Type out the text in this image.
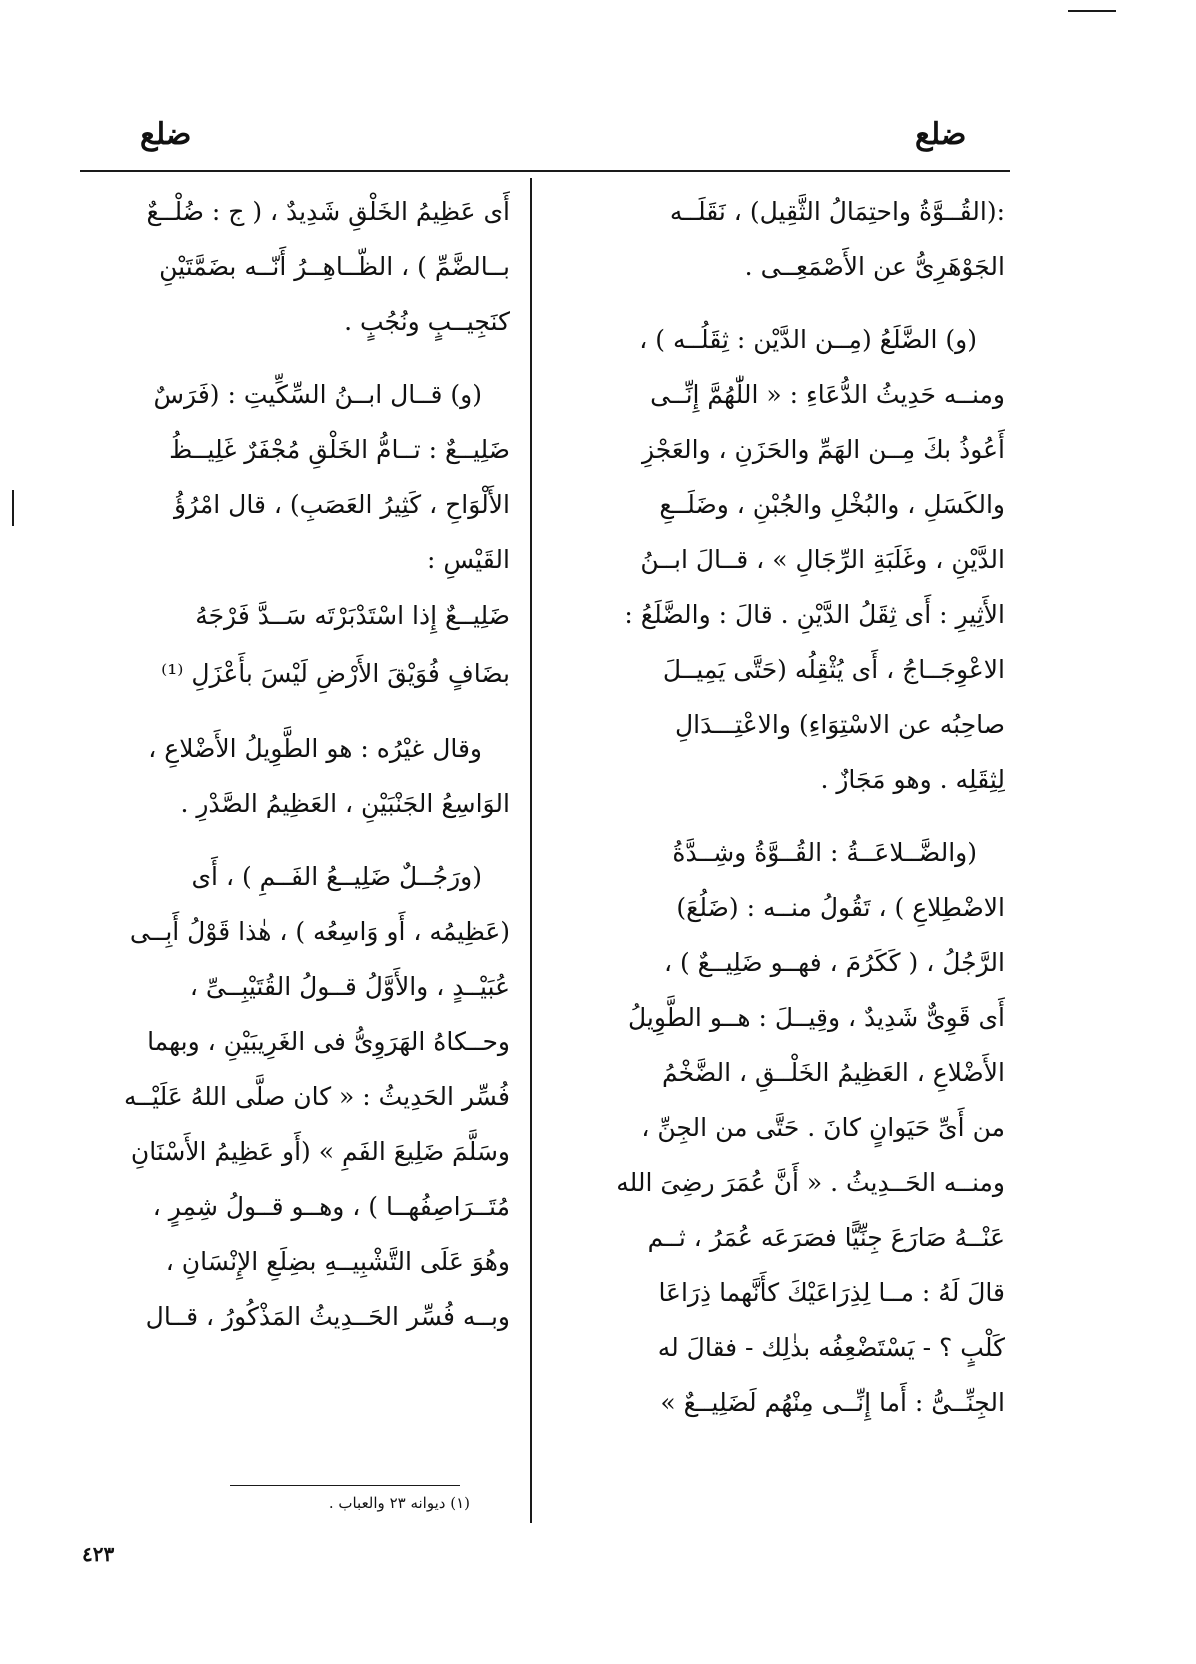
ضلع	ضلع
:(القُــوَّةُ واحتِمَالُ الثَّقِيل) ، نَقَلَــه
الجَوْهَرِىُّ عن الأَصْمَعِــى .
(و) الضَّلَعُ (مِــن الدَّيْن : ثِقَلُــه ) ،
ومنــه حَدِيثُ الدُّعَاءِ : « اللّٰهُمَّ إِنِّــى
أَعُوذُ بكَ مِــن الهَمِّ والحَزَنِ ، والعَجْزِ
والكَسَلِ ، والبُخْلِ والجُبْنِ ، وضَلَــعِ
الدَّيْنِ ، وغَلَبَةِ الرِّجَالِ » ، قــالَ ابــنُ
الأَثِيرِ : أَى ثِقَلُ الدَّيْنِ . قالَ : والضَّلَعُ :
الاعْوِجَــاجُ ، أَى يُثْقِلُه (حَتَّى يَمِيــلَ
صاحِبُه عن الاسْتِوَاءِ) والاعْتِـــدَالِ
لِثِقَلِه . وهو مَجَازٌ .
(والضَّــلاعَــةُ : القُــوَّةُ وشِــدَّةُ
الاضْطِلاعِ ) ، تَقُولُ منــه : (ضَلُعَ)
الرَّجُلُ ، ( كَكَرُمَ ، فهــو ضَلِيــعٌ ) ،
أَى قَوِىٌّ شَدِيدٌ ، وقِيــلَ : هــو الطَّوِيلُ
الأَضْلاعِ ، العَظِيمُ الخَلْــقِ ، الضَّخْمُ
من أَىِّ حَيَوانٍ كانَ . حَتَّى من الجِنِّ ،
ومنــه الحَــدِيثُ . « أَنَّ عُمَرَ رضِىَ الله
عَنْــهُ صَارَعَ جِنِّيًّا فصَرَعَه عُمَرُ ، ثــم
قالَ لَهُ : مــا لِذِرَاعَيْكَ كأَنَّهما ذِرَاعَا
كَلْبٍ ؟ - يَسْتَضْعِفُه بذٰلِك - فقالَ له
الجِنِّــىُّ : أَما إِنِّــى مِنْهُم لَضَلِيــعٌ »
أَى عَظِيمُ الخَلْقِ شَدِيدٌ ، ( ج : ضُلْــعٌ
بــالضَّمِّ ) ، الظّــاهِــرُ أَنّــه بضَمَّتَيْنِ
كنَجِيــبٍ ونُجُبٍ .
(و) قــال ابــنُ السِّكِّيتِ : (فَرَسٌ
ضَلِيــعٌ : تــامُّ الخَلْقِ مُجْفَرٌ غَلِيــظُ
الأَلْوَاحِ ، كَثِيرُ العَصَبِ) ، قال امْرُؤُ
القَيْسِ :
ضَلِيــعٌ إِذا اسْتَدْبَرْتَه سَــدَّ فَرْجَهُ
بضَافٍ فُوَيْقَ الأَرْضِ لَيْسَ بأَعْزَلِ ⁽¹⁾
وقال غيْرُه : هو الطَّوِيلُ الأَضْلاعِ ،
الوَاسِعُ الجَنْبَيْنِ ، العَظِيمُ الصَّدْرِ .
(ورَجُــلٌ ضَلِيــعُ الفَــمِ ) ، أَى
(عَظِيمُه ، أَو وَاسِعُه ) ، هٰذا قَوْلُ أَبِــى
عُبَيْــدٍ ، والأَوَّلُ قــولُ القُتَيْبِــىِّ ،
وحــكاهُ الهَرَوِىُّ فى الغَرِيبَيْنِ ، وبهما
فُسِّر الحَدِيثُ : « كان صلَّى اللهُ عَلَيْــه
وسَلَّمَ ضَلِيعَ الفَمِ » (أَو عَظِيمُ الأَسْنَانِ
مُتَــرَاصِفُهــا ) ، وهــو قــولُ شِمِرٍ ،
وهُوَ عَلَى التَّشْبِيــهِ بضِلَعِ الإِنْسَانِ ،
وبــه فُسِّر الحَــدِيثُ المَذْكُورُ ، قــال
(١) ديوانه ٢٣ والعباب .
٤٢٣
